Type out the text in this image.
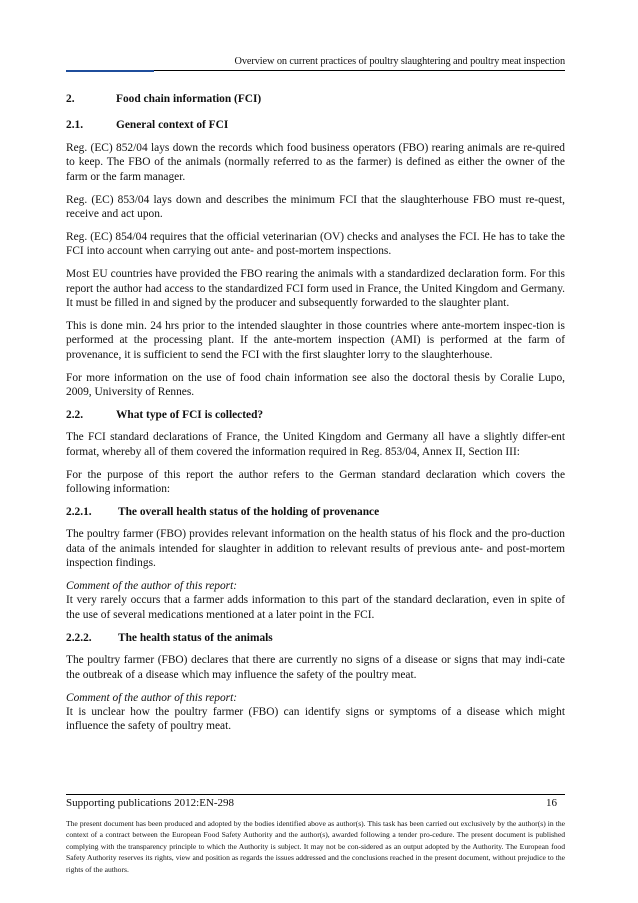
Overview on current practices of poultry slaughtering and poultry meat inspection
2.	Food chain information (FCI)
2.1.	General context of FCI

Reg. (EC) 852/04 lays down the records which food business operators (FBO) rearing animals are re-quired to keep. The FBO of the animals (normally referred to as the farmer) is defined as either the owner of the farm or the farm manager.

Reg. (EC) 853/04 lays down and describes the minimum FCI that the slaughterhouse FBO must re-quest, receive and act upon.

Reg. (EC) 854/04 requires that the official veterinarian (OV) checks and analyses the FCI. He has to take the FCI into account when carrying out ante- and post-mortem inspections.

Most EU countries have provided the FBO rearing the animals with a standardized declaration form. For this report the author had access to the standardized FCI form used in France, the United Kingdom and Germany. It must be filled in and signed by the producer and subsequently forwarded to the slaughter plant.

This is done min. 24 hrs prior to the intended slaughter in those countries where ante-mortem inspec-tion is performed at the processing plant. If the ante-mortem inspection (AMI) is performed at the farm of provenance, it is sufficient to send the FCI with the first slaughter lorry to the slaughterhouse.

For more information on the use of food chain information see also the doctoral thesis by Coralie Lupo, 2009, University of Rennes.

2.2.	What type of FCI is collected?

The FCI standard declarations of France, the United Kingdom and Germany all have a slightly differ-ent format, whereby all of them covered the information required in Reg. 853/04, Annex II, Section III:

For the purpose of this report the author refers to the German standard declaration which covers the following information:

2.2.1. The overall health status of the holding of provenance

The poultry farmer (FBO) provides relevant information on the health status of his flock and the pro-duction data of the animals intended for slaughter in addition to relevant results of previous ante- and post-mortem inspection findings.

Comment of the author of this report:
It very rarely occurs that a farmer adds information to this part of the standard declaration, even in spite of the use of several medications mentioned at a later point in the FCI.

2.2.2. The health status of the animals

The poultry farmer (FBO) declares that there are currently no signs of a disease or signs that may indi-cate the outbreak of a disease which may influence the safety of the poultry meat.

Comment of the author of this report:
It is unclear how the poultry farmer (FBO) can identify signs or symptoms of a disease which might influence the safety of poultry meat.

Supporting publications 2012:EN-298	16
The present document has been produced and adopted by the bodies identified above as author(s). This task has been carried out exclusively by the author(s) in the context of a contract between the European Food Safety Authority and the author(s), awarded following a tender pro-cedure. The present document is published complying with the transparency principle to which the Authority is subject. It may not be con-sidered as an output adopted by the Authority. The European food Safety Authority reserves its rights, view and position as regards the issues addressed and the conclusions reached in the present document, without prejudice to the rights of the authors.
